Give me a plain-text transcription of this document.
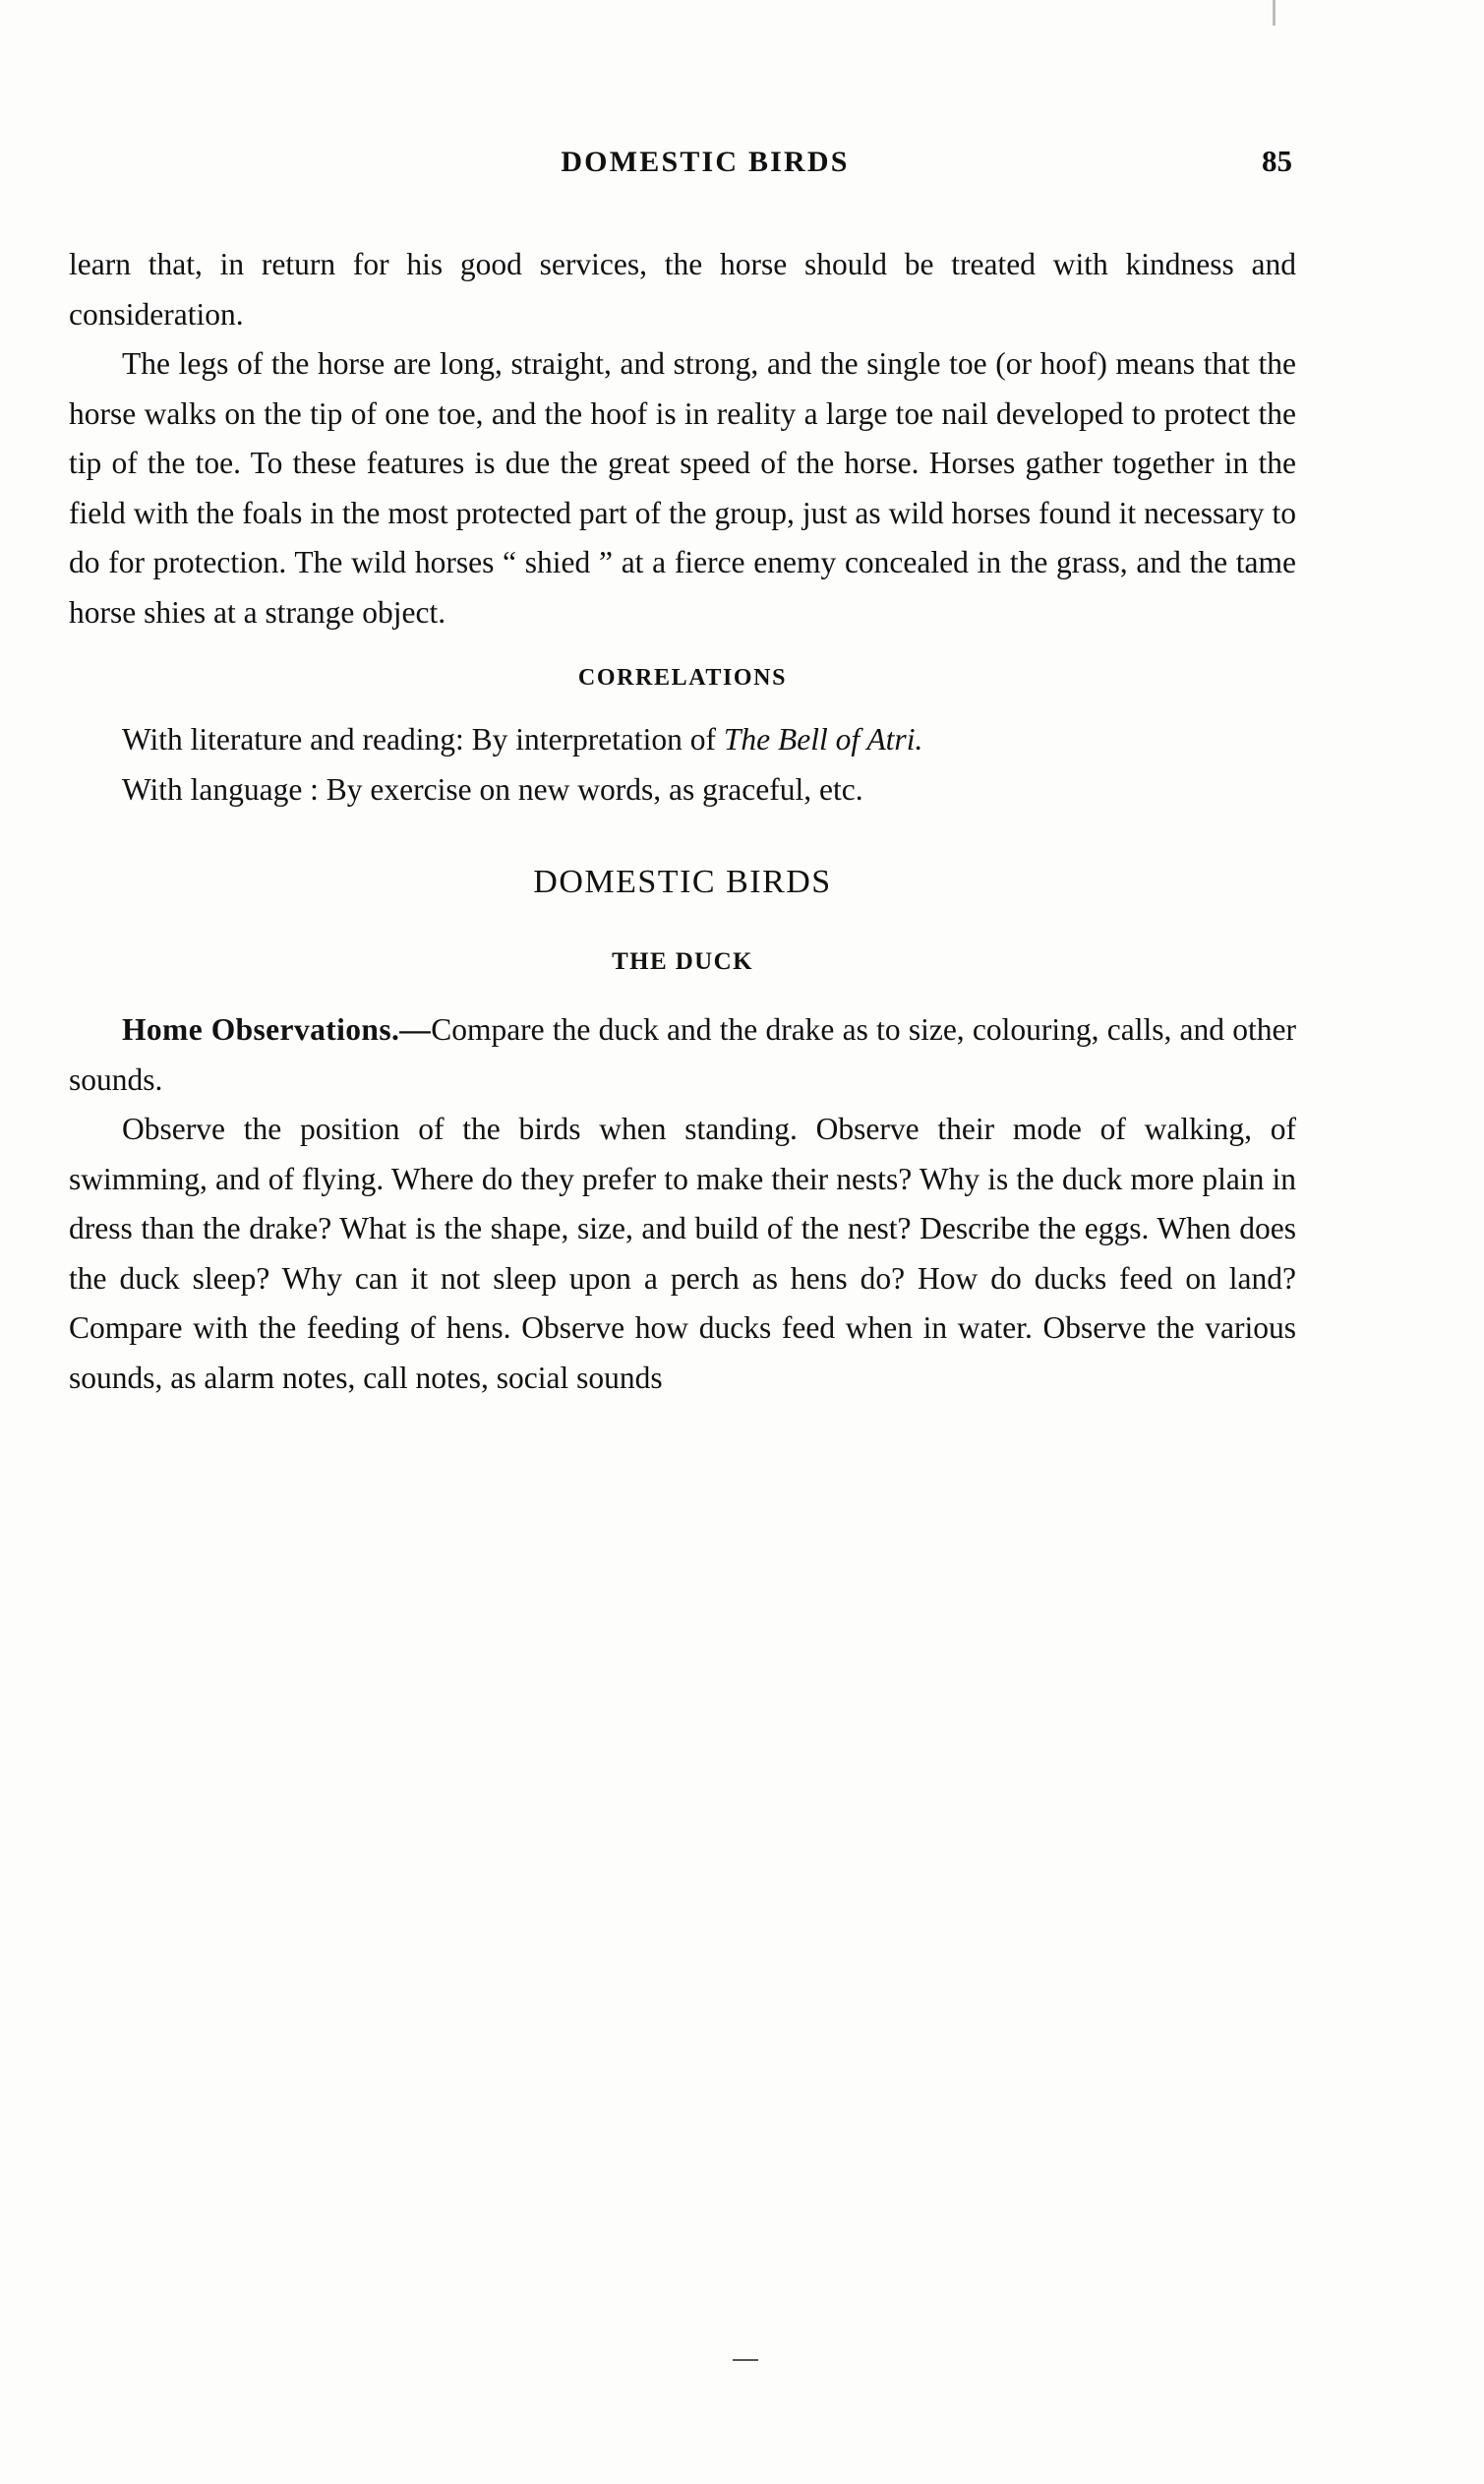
DOMESTIC BIRDS	85

learn that, in return for his good services, the horse should be treated with kindness and consideration.

The legs of the horse are long, straight, and strong, and the single toe (or hoof) means that the horse walks on the tip of one toe, and the hoof is in reality a large toe nail developed to protect the tip of the toe. To these features is due the great speed of the horse. Horses gather together in the field with the foals in the most protected part of the group, just as wild horses found it necessary to do for protection. The wild horses “ shied ” at a fierce enemy concealed in the grass, and the tame horse shies at a strange object.

CORRELATIONS

With literature and reading: By interpretation of The Bell of Atri.

With language : By exercise on new words, as graceful, etc.

DOMESTIC BIRDS
THE DUCK

Home Observations.—Compare the duck and the drake as to size, colouring, calls, and other sounds.

Observe the position of the birds when standing. Observe their mode of walking, of swimming, and of flying. Where do they prefer to make their nests? Why is the duck more plain in dress than the drake? What is the shape, size, and build of the nest? Describe the eggs. When does the duck sleep? Why can it not sleep upon a perch as hens do? How do ducks feed on land? Compare with the feeding of hens. Observe how ducks feed when in water. Observe the various sounds, as alarm notes, call notes, social sounds
